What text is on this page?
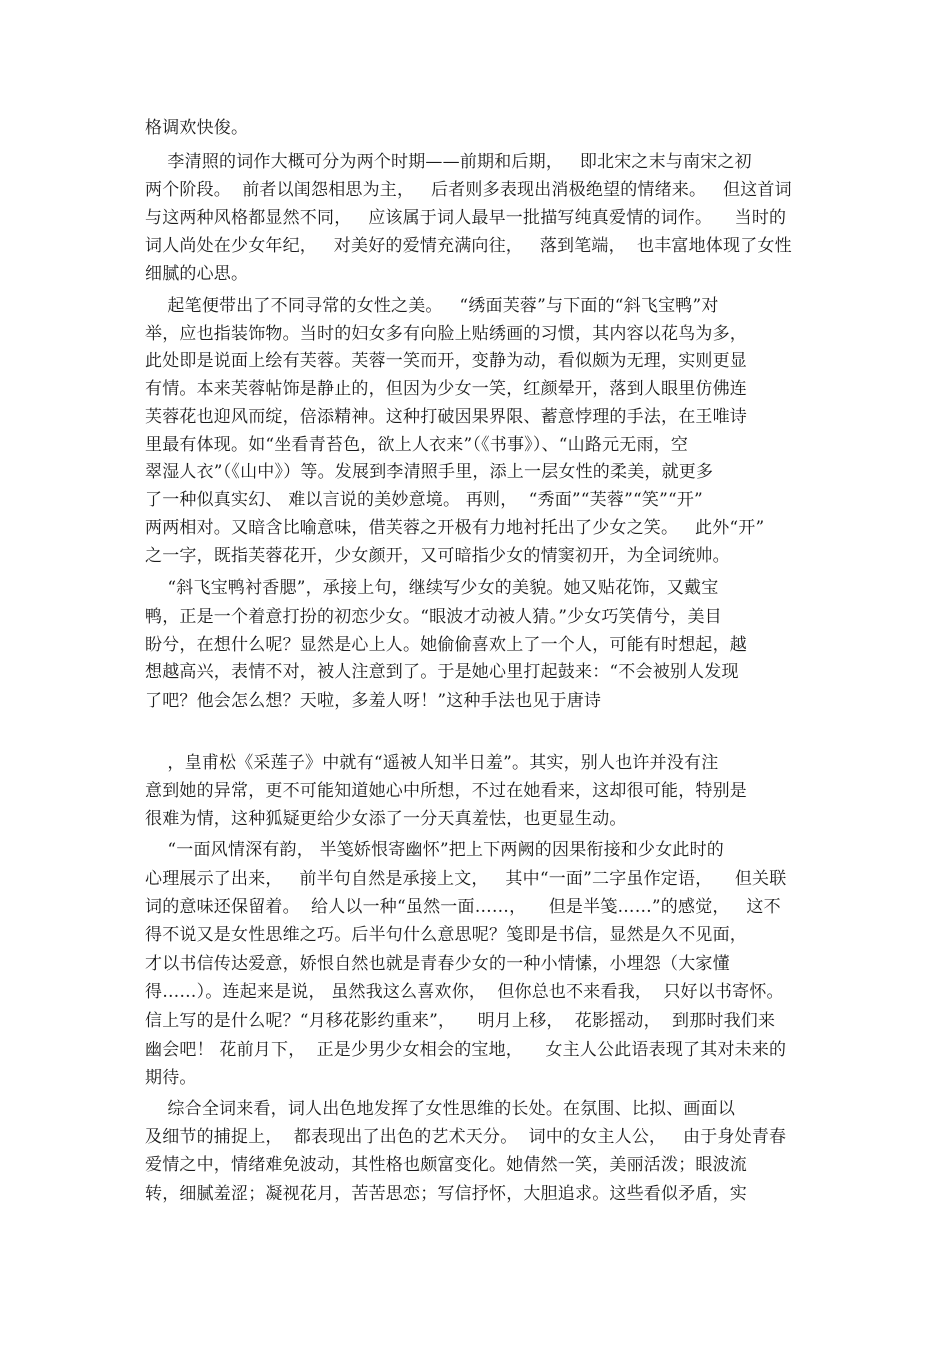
格调欢快俊。
李清照的词作大概可分为两个时期——前期和后期，   即北宋之末与南宋之初
两个阶段。  前者以闺怨相思为主，   后者则多表现出消极绝望的情绪来。   但这首词
与这两种风格都显然不同，   应该属于词人最早一批描写纯真爱情的词作。    当时的
词人尚处在少女年纪，   对美好的爱情充满向往，   落到笔端，  也丰富地体现了女性
细腻的心思。
起笔便带出了不同寻常的女性之美。   “绣面芙蓉”与下面的“斜飞宝鸭”对
举，应也指装饰物。当时的妇女多有向脸上贴绣画的习惯，其内容以花鸟为多，
此处即是说面上绘有芙蓉。芙蓉一笑而开，变静为动，看似颇为无理，实则更显
有情。本来芙蓉帖饰是静止的，但因为少女一笑，红颜晕开，落到人眼里仿佛连
芙蓉花也迎风而绽，倍添精神。这种打破因果界限、蓄意悖理的手法，在王唯诗
里最有体现。如“坐看青苔色，欲上人衣来”（《书事》）、“山路元无雨，空
翠湿人衣”（《山中》）等。发展到李清照手里，添上一层女性的柔美，就更多
了一种似真实幻、 难以言说的美妙意境。 再则，  “秀面”“芙蓉”“笑”“开”
两两相对。又暗含比喻意味，借芙蓉之开极有力地衬托出了少女之笑。   此外“开”
之一字，既指芙蓉花开，少女颜开，又可暗指少女的情窦初开，为全词统帅。
“斜飞宝鸭衬香腮”，承接上句，继续写少女的美貌。她又贴花饰，又戴宝
鸭，正是一个着意打扮的初恋少女。“眼波才动被人猜。”少女巧笑倩兮，美目
盼兮，在想什么呢？显然是心上人。她偷偷喜欢上了一个人，可能有时想起，越
想越高兴，表情不对，被人注意到了。于是她心里打起鼓来：“不会被别人发现
了吧？他会怎么想？天啦，多羞人呀！”这种手法也见于唐诗
，皇甫松《采莲子》中就有“遥被人知半日羞”。其实，别人也许并没有注
意到她的异常，更不可能知道她心中所想，不过在她看来，这却很可能，特别是
很难为情，这种狐疑更给少女添了一分天真羞怯，也更显生动。
“一面风情深有韵， 半笺娇恨寄幽怀”把上下两阙的因果衔接和少女此时的
心理展示了出来，   前半句自然是承接上文，   其中“一面”二字虽作定语，    但关联
词的意味还保留着。  给人以一种“虽然一面……，    但是半笺……”的感觉，   这不
得不说又是女性思维之巧。后半句什么意思呢？笺即是书信，显然是久不见面，
才以书信传达爱意，娇恨自然也就是青春少女的一种小情愫，小埋怨（大家懂
得……）。连起来是说， 虽然我这么喜欢你，  但你总也不来看我，  只好以书寄怀。
信上写的是什么呢？“月移花影约重来”，    明月上移，  花影摇动，  到那时我们来
幽会吧！ 花前月下，  正是少男少女相会的宝地，    女主人公此语表现了其对未来的
期待。
综合全词来看，词人出色地发挥了女性思维的长处。在氛围、比拟、画面以
及细节的捕捉上，  都表现出了出色的艺术天分。  词中的女主人公，   由于身处青春
爱情之中，情绪难免波动，其性格也颇富变化。她倩然一笑，美丽活泼；眼波流
转，细腻羞涩；凝视花月，苦苦思恋；写信抒怀，大胆追求。这些看似矛盾，实
